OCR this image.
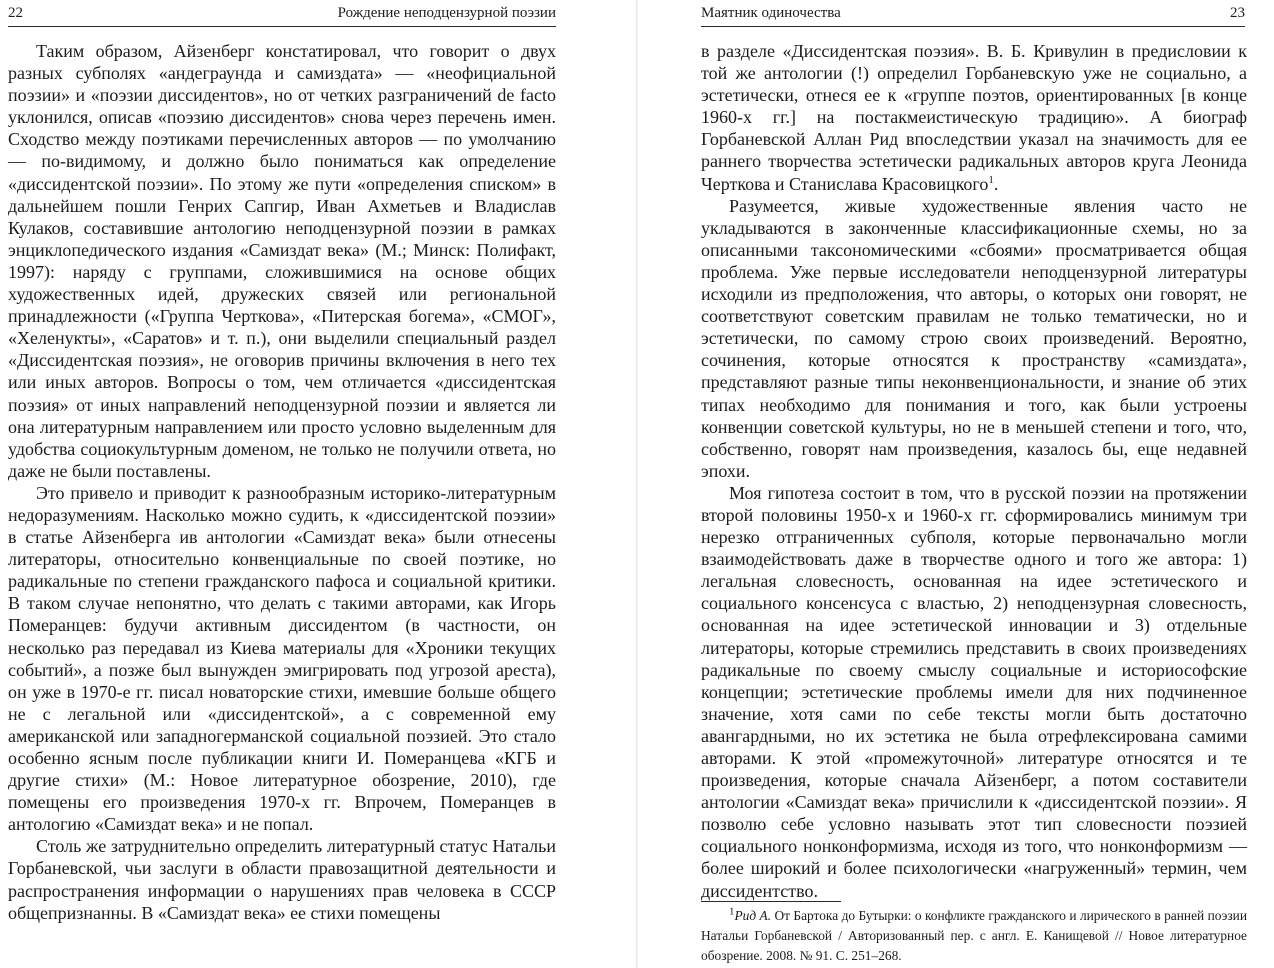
22	Рождение неподцензурной поэзии

Таким образом, Айзенберг констатировал, что говорит о двух разных субполях «андеграунда и самиздата» — «неофициальной поэзии» и «поэзии диссидентов», но от четких разграничений de facto уклонился, описав «поэзию диссидентов» снова через перечень имен. Сходство между поэтиками перечисленных авторов — по умолчанию — по-видимому, и должно было пониматься как определение «диссидентской поэзии». По этому же пути «определения списком» в дальнейшем пошли Генрих Сапгир, Иван Ахметьев и Владислав Кулаков, составившие антологию неподцензурной поэзии в рамках энциклопедического издания «Самиздат века» (М.; Минск: Полифакт, 1997): наряду с группами, сложившимися на основе общих художественных идей, дружеских связей или региональной принадлежности («Группа Черткова», «Питерская богема», «СМОГ», «Хеленукты», «Саратов» и т. п.), они выделили специальный раздел «Диссидентская поэзия», не оговорив причины включения в него тех или иных авторов. Вопросы о том, чем отличается «диссидентская поэзия» от иных направлений неподцензурной поэзии и является ли она литературным направлением или просто условно выделенным для удобства социокультурным доменом, не только не получили ответа, но даже не были поставлены.

Это привело и приводит к разнообразным историко-литературным недоразумениям. Насколько можно судить, к «диссидентской поэзии» в статье Айзенберга ив антологии «Самиздат века» были отнесены литераторы, относительно конвенциальные по своей поэтике, но радикальные по степени гражданского пафоса и социальной критики. В таком случае непонятно, что делать с такими авторами, как Игорь Померанцев: будучи активным диссидентом (в частности, он несколько раз передавал из Киева материалы для «Хроники текущих событий», а позже был вынужден эмигрировать под угрозой ареста), он уже в 1970-е гг. писал новаторские стихи, имевшие больше общего не с легальной или «диссидентской», а с современной ему американской или западногерманской социальной поэзией. Это стало особенно ясным после публикации книги И. Померанцева «КГБ и другие стихи» (М.: Новое литературное обозрение, 2010), где помещены его произведения 1970-х гг. Впрочем, Померанцев в антологию «Самиздат века» и не попал.

Столь же затруднительно определить литературный статус Натальи Горбаневской, чьи заслуги в области правозащитной деятельности и распространения информации о нарушениях прав человека в СССР общепризнанны. В «Самиздат века» ее стихи помещены

Маятник одиночества	23

в разделе «Диссидентская поэзия». В. Б. Кривулин в предисловии к той же антологии (!) определил Горбаневскую уже не социально, а эстетически, отнеся ее к «группе поэтов, ориентированных [в конце 1960-х гг.] на постакмеистическую традицию». А биограф Горбаневской Аллан Рид впоследствии указал на значимость для ее раннего творчества эстетически радикальных авторов круга Леонида Черткова и Станислава Красовицкого$^1$.

Разумеется, живые художественные явления часто не укладываются в законченные классификационные схемы, но за описанными таксономическими «сбоями» просматривается общая проблема. Уже первые исследователи неподцензурной литературы исходили из предположения, что авторы, о которых они говорят, не соответствуют советским правилам не только тематически, но и эстетически, по самому строю своих произведений. Вероятно, сочинения, которые относятся к пространству «самиздата», представляют разные типы неконвенциональности, и знание об этих типах необходимо для понимания и того, как были устроены конвенции советской культуры, но не в меньшей степени и того, что, собственно, говорят нам произведения, казалось бы, еще недавней эпохи.

Моя гипотеза состоит в том, что в русской поэзии на протяжении второй половины 1950-х и 1960-х гг. сформировались минимум три нерезко отграниченных субполя, которые первоначально могли взаимодействовать даже в творчестве одного и того же автора: 1) легальная словесность, основанная на идее эстетического и социального консенсуса с властью, 2) неподцензурная словесность, основанная на идее эстетической инновации и 3) отдельные литераторы, которые стремились представить в своих произведениях радикальные по своему смыслу социальные и историософские концепции; эстетические проблемы имели для них подчиненное значение, хотя сами по себе тексты могли быть достаточно авангардными, но их эстетика не была отрефлексирована самими авторами. К этой «промежуточной» литературе относятся и те произведения, которые сначала Айзенберг, а потом составители антологии «Самиздат века» причислили к «диссидентской поэзии». Я позволю себе условно называть этот тип словесности поэзией социального нонконформизма, исходя из того, что нонконформизм — более широкий и более психологически «нагруженный» термин, чем диссидентство.

$^1$Рид А. От Бартока до Бутырки: о конфликте гражданского и лирического в ранней поэзии Натальи Горбаневской / Авторизованный пер. с англ. Е. Канищевой // Новое литературное обозрение. 2008. № 91. С. 251–268.
